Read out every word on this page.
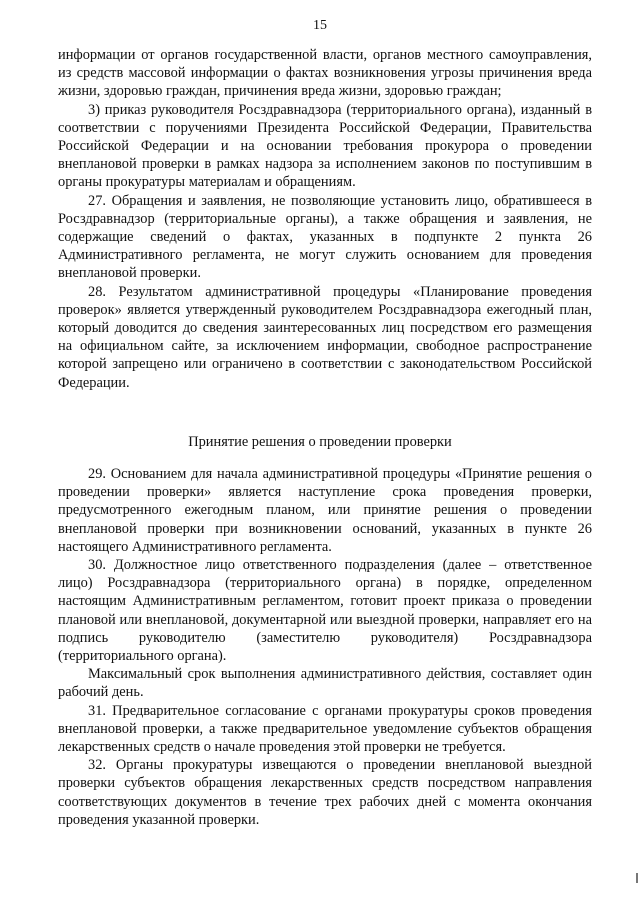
15

информации от органов государственной власти, органов местного самоуправления, из средств массовой информации о фактах возникновения угрозы причинения вреда жизни, здоровью граждан, причинения вреда жизни, здоровью граждан;

3) приказ руководителя Росздравнадзора (территориального органа), изданный в соответствии с поручениями Президента Российской Федерации, Правительства Российской Федерации и на основании требования прокурора о проведении внеплановой проверки в рамках надзора за исполнением законов по поступившим в органы прокуратуры материалам и обращениям.

27. Обращения и заявления, не позволяющие установить лицо, обратившееся в Росздравнадзор (территориальные органы), а также обращения и заявления, не содержащие сведений о фактах, указанных в подпункте 2 пункта 26 Административного регламента, не могут служить основанием для проведения внеплановой проверки.

28. Результатом административной процедуры «Планирование проведения проверок» является утвержденный руководителем Росздравнадзора ежегодный план, который доводится до сведения заинтересованных лиц посредством его размещения на официальном сайте, за исключением информации, свободное распространение которой запрещено или ограничено в соответствии с законодательством Российской Федерации.

Принятие решения о проведении проверки

29. Основанием для начала административной процедуры «Принятие решения о проведении проверки» является наступление срока проведения проверки, предусмотренного ежегодным планом, или принятие решения о проведении внеплановой проверки при возникновении оснований, указанных в пункте 26 настоящего Административного регламента.

30. Должностное лицо ответственного подразделения (далее – ответственное лицо) Росздравнадзора (территориального органа) в порядке, определенном настоящим Административным регламентом, готовит проект приказа о проведении плановой или внеплановой, документарной или выездной проверки, направляет его на подпись руководителю (заместителю руководителя) Росздравнадзора (территориального органа).

Максимальный срок выполнения административного действия, составляет один рабочий день.

31. Предварительное согласование с органами прокуратуры сроков проведения внеплановой проверки, а также предварительное уведомление субъектов обращения лекарственных средств о начале проведения этой проверки не требуется.

32. Органы прокуратуры извещаются о проведении внеплановой выездной проверки субъектов обращения лекарственных средств посредством направления соответствующих документов в течение трех рабочих дней с момента окончания проведения указанной проверки.
